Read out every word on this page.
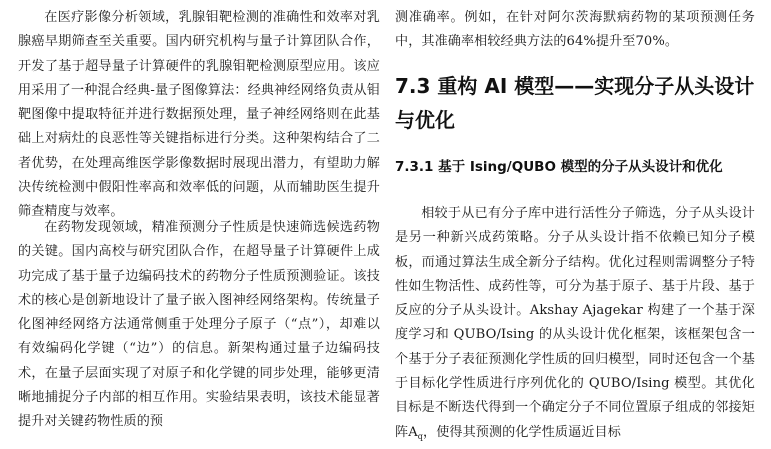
在医疗影像分析领域，乳腺钼靶检测的准确性和效率对乳腺癌早期筛查至关重要。国内研究机构与量子计算团队合作，开发了基于超导量子计算硬件的乳腺钼靶检测原型应用。该应用采用了一种混合经典-量子图像算法：经典神经网络负责从钼靶图像中提取特征并进行数据预处理，量子神经网络则在此基础上对病灶的良恶性等关键指标进行分类。这种架构结合了二者优势，在处理高维医学影像数据时展现出潜力，有望助力解决传统检测中假阳性率高和效率低的问题，从而辅助医生提升筛查精度与效率。

在药物发现领域，精准预测分子性质是快速筛选候选药物的关键。国内高校与研究团队合作，在超导量子计算硬件上成功完成了基于量子边编码技术的药物分子性质预测验证。该技术的核心是创新地设计了量子嵌入图神经网络架构。传统量子化图神经网络方法通常侧重于处理分子原子（“点”），却难以有效编码化学键（“边”）的信息。新架构通过量子边编码技术，在量子层面实现了对原子和化学键的同步处理，能够更清晰地捕捉分子内部的相互作用。实验结果表明，该技术能显著提升对关键药物性质的预

测准确率。例如，在针对阿尔茨海默病药物的某项预测任务中，其准确率相较经典方法的64%提升至70%。

7.3 重构 AI 模型——实现分子从头设计与优化
7.3.1 基于 Ising/QUBO 模型的分子从头设计和优化

相较于从已有分子库中进行活性分子筛选，分子从头设计是另一种新兴成药策略。分子从头设计指不依赖已知分子模板，而通过算法生成全新分子结构。优化过程则需调整分子特性如生物活性、成药性等，可分为基于原子、基于片段、基于反应的分子从头设计。Akshay Ajagekar 构建了一个基于深度学习和 QUBO/Ising 的从头设计优化框架，该框架包含一个基于分子表征预测化学性质的回归模型，同时还包含一个基于目标化学性质进行序列优化的 QUBO/Ising 模型。其优化目标是不断迭代得到一个确定分子不同位置原子组成的邻接矩阵$A_q$，使得其预测的化学性质逼近目标
